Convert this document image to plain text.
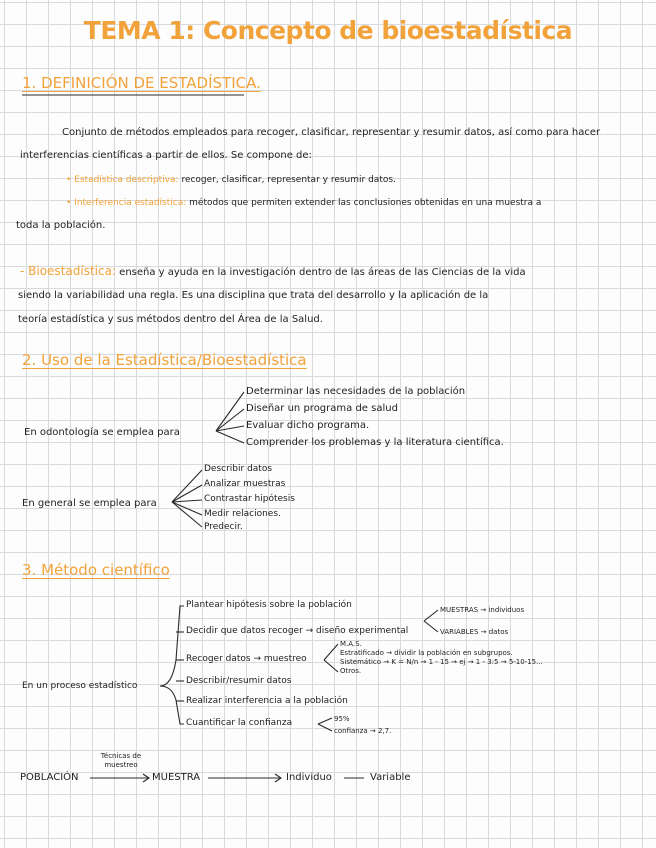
TEMA 1: Concepto de bioestadística
1. DEFINICIÓN DE ESTADÍSTICA.
Conjunto de métodos empleados para recoger, clasificar, representar y resumir datos, así como para hacer
interferencias científicas a partir de ellos. Se compone de:
• Estadística descriptiva: recoger, clasificar, representar y resumir datos.
• Interferencia estadística: métodos que permiten extender las conclusiones obtenidas en una muestra a
toda la población.
- Bioestadística: enseña y ayuda en la investigación dentro de las áreas de las Ciencias de la vida
siendo la variabilidad una regla. Es una disciplina que trata del desarrollo y la aplicación de la
teoría estadística y sus métodos dentro del Área de la Salud.
2. Uso de la Estadística/Bioestadística
En odontología se emplea para
Determinar las necesidades de la población
Diseñar un programa de salud
Evaluar dicho programa.
Comprender los problemas y la literatura científica.
En general se emplea para
Describir datos
Analizar muestras
Contrastar hipótesis
Medir relaciones.
Predecir.
3. Método científico
En un proceso estadístico
Plantear hipótesis sobre la población
Decidir que datos recoger → diseño experimental
Recoger datos → muestreo
Describir/resumir datos
Realizar interferencia a la población
Cuantificar la confianza
MUESTRAS → individuos
VARIABLES → datos
M.A.S.
Estratificado → dividir la población en subgrupos.
Sistemático → K = N/n → 1 - 15 → ej → 1 - 3:5 → 5-10-15...
Otros.
95%
confianza → 2,7.
POBLACIÓN
Técnicas de muestreo
MUESTRA	Individuo	Variable
